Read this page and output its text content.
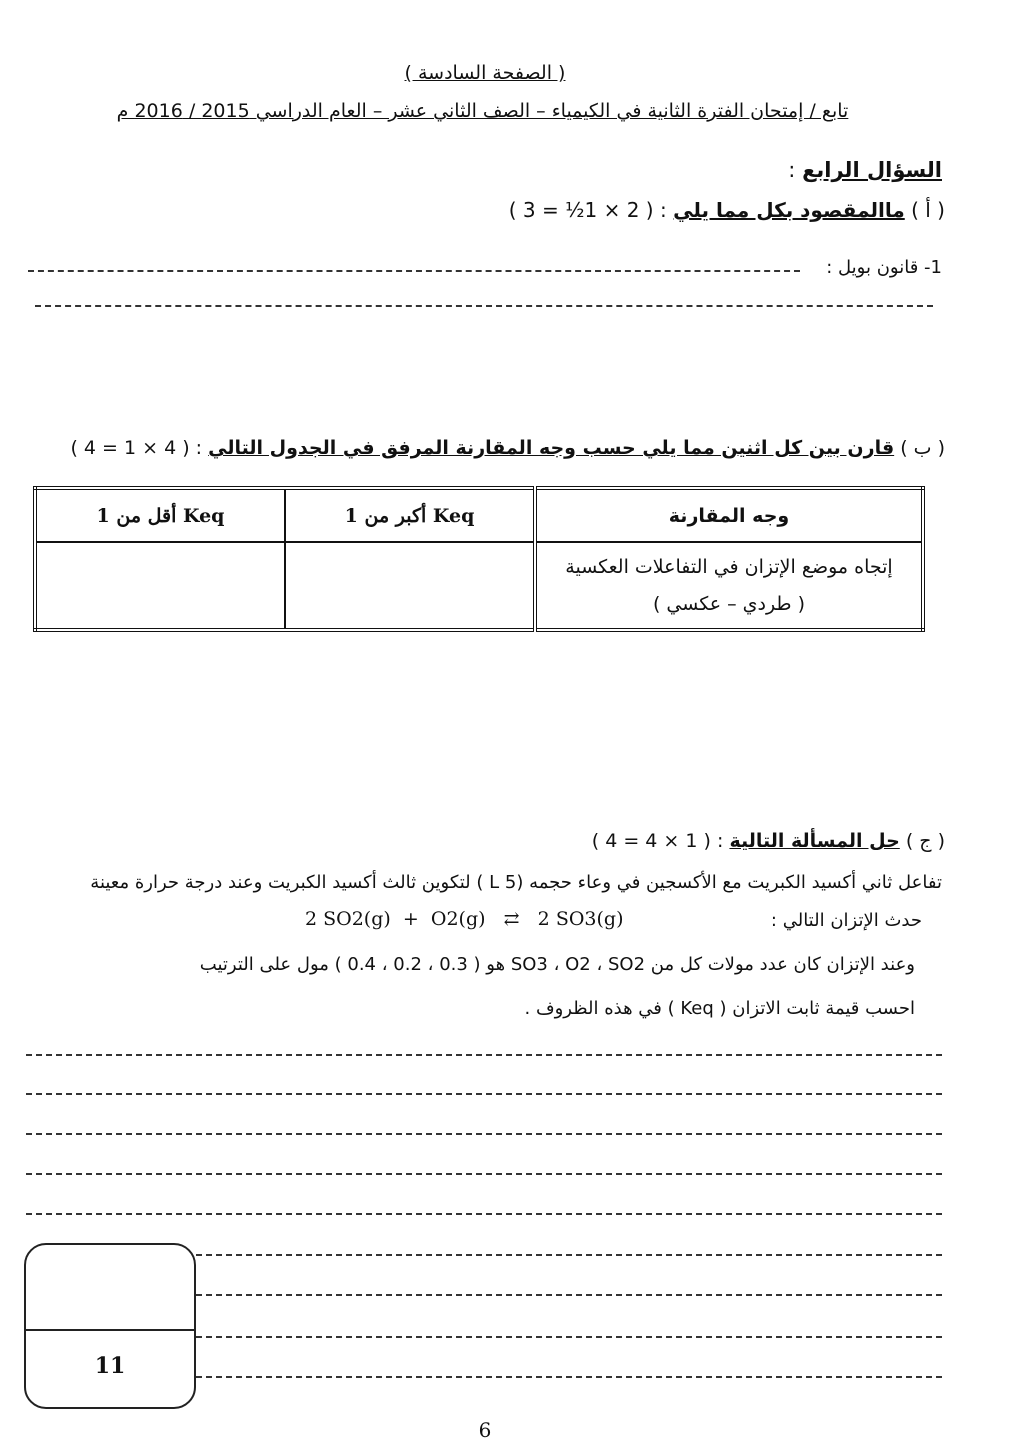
( الصفحة السادسة )
تابع / إمتحان الفترة الثانية في الكيمياء – الصف الثاني عشر – العام الدراسي 2015 / 2016 م
السؤال الرابع :
( أ ) ماالمقصود بكل مما يلي : ( 2 × 1½ = 3 )
1- قانون بويل :
( ب ) قارن بين كل اثنين مما يلي حسب وجه المقارنة المرفق في الجدول التالي : ( 4 × 1 = 4 )
Keq أقل من 1	Keq أكبر من 1	وجه المقارنة

		إتجاه موضع الإتزان في التفاعلات العكسية
( طردي – عكسي )
( ج ) حل المسألة التالية : ( 1 × 4 = 4 )
تفاعل ثاني أكسيد الكبريت مع الأكسجين في وعاء حجمه (5 L ) لتكوين ثالث أكسيد الكبريت وعند درجة حرارة معينة
حدث الإتزان التالي :
2 SO2(g)  +  O2(g)   ⇄   2 SO3(g)
وعند الإتزان كان عدد مولات كل من SO3 ، O2 ، SO2 هو ( 0.3 ، 0.2 ، 0.4 ) مول على الترتيب
احسب قيمة ثابت الاتزان ( Keq ) في هذه الظروف .
11
6
